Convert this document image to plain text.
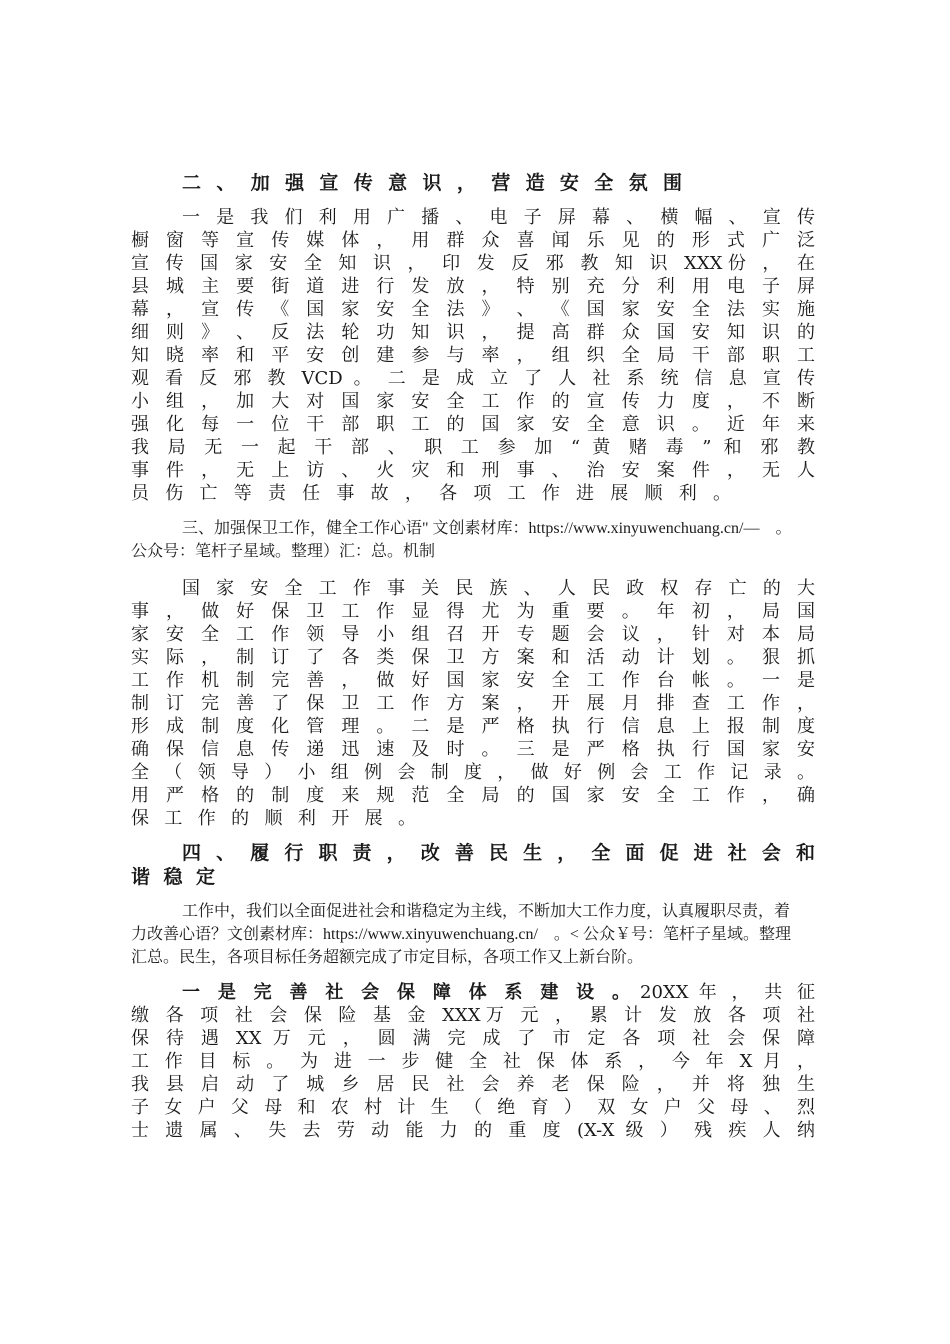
二 、 加 强 宣 传 意 识 ， 营 造 安 全 氛 围
一 是 我 们 利 用 广 播 、 电 子 屏 幕 、 横 幅 、 宣 传
橱 窗 等 宣 传 媒 体 ， 用 群 众 喜 闻 乐 见 的 形 式 广 泛
宣 传 国 家 安 全 知 识 ， 印 发 反 邪 教 知 识 XXX份 ， 在
县 城 主 要 街 道 进 行 发 放 ， 特 别 充 分 利 用 电 子 屏
幕 ， 宣 传 《 国 家 安 全 法 》 、 《 国 家 安 全 法 实 施
细 则 》 、 反 法 轮 功 知 识 ， 提 高 群 众 国 安 知 识 的
知 晓 率 和 平 安 创 建 参 与 率 ， 组 织 全 局 干 部 职 工
观 看 反 邪 教 VCD 。 二 是 成 立 了 人 社 系 统 信 息 宣 传
小 组 ， 加 大 对 国 家 安 全 工 作 的 宣 传 力 度 ， 不 断
强 化 每 一 位 干 部 职 工 的 国 家 安 全 意 识 。 近 年 来
我 局 无 一 起 干 部 、 职 工 参 加 “ 黄 赌 毒 ” 和 邪 教
事 件 ， 无 上 访 、 火 灾 和 刑 事 、 治 安 案 件 ， 无 人
员 伤 亡 等 责 任 事 故 ， 各 项 工 作 进 展 顺 利 。
三、加强保卫工作，健全工作心语" 文创素材库：https://www.xinyuwenchuang.cn/—　。
公众号：笔杆子星域。整理）汇：总。机制
国 家 安 全 工 作 事 关 民 族 、 人 民 政 权 存 亡 的 大
事 ， 做 好 保 卫 工 作 显 得 尤 为 重 要 。 年 初 ， 局 国
家 安 全 工 作 领 导 小 组 召 开 专 题 会 议 ， 针 对 本 局
实 际 ， 制 订 了 各 类 保 卫 方 案 和 活 动 计 划 。 狠 抓
工 作 机 制 完 善 ， 做 好 国 家 安 全 工 作 台 帐 。 一 是
制 订 完 善 了 保 卫 工 作 方 案 ， 开 展 月 排 查 工 作 ，
形 成 制 度 化 管 理 。 二 是 严 格 执 行 信 息 上 报 制 度
确 保 信 息 传 递 迅 速 及 时 。 三 是 严 格 执 行 国 家 安
全 （ 领 导 ） 小 组 例 会 制 度 ， 做 好 例 会 工 作 记 录 。
用 严 格 的 制 度 来 规 范 全 局 的 国 家 安 全 工 作 ， 确
保 工 作 的 顺 利 开 展 。
四 、 履 行 职 责 ， 改 善 民 生 ， 全 面 促 进 社 会 和
谐 稳 定
工作中，我们以全面促进社会和谐稳定为主线，不断加大工作力度，认真履职尽责，着
力改善心语？文创素材库：https://www.xinyuwenchuang.cn/　。< 公众￥号：笔杆子星域。整理
汇总。民生，各项目标任务超额完成了市定目标，各项工作又上新台阶。
一 是 完 善 社 会 保 障 体 系 建 设 。 20XX 年 ， 共 征
缴 各 项 社 会 保 险 基 金 XXX万 元 ， 累 计 发 放 各 项 社
保 待 遇 XX 万 元 ， 圆 满 完 成 了 市 定 各 项 社 会 保 障
工 作 目 标 。 为 进 一 步 健 全 社 保 体 系 ， 今 年 X 月 ，
我 县 启 动 了 城 乡 居 民 社 会 养 老 保 险 ， 并 将 独 生
子 女 户 父 母 和 农 村 计 生 （ 绝 育 ） 双 女 户 父 母 、 烈
士 遗 属 、 失 去 劳 动 能 力 的 重 度 (X-X 级 ） 残 疾 人 纳
